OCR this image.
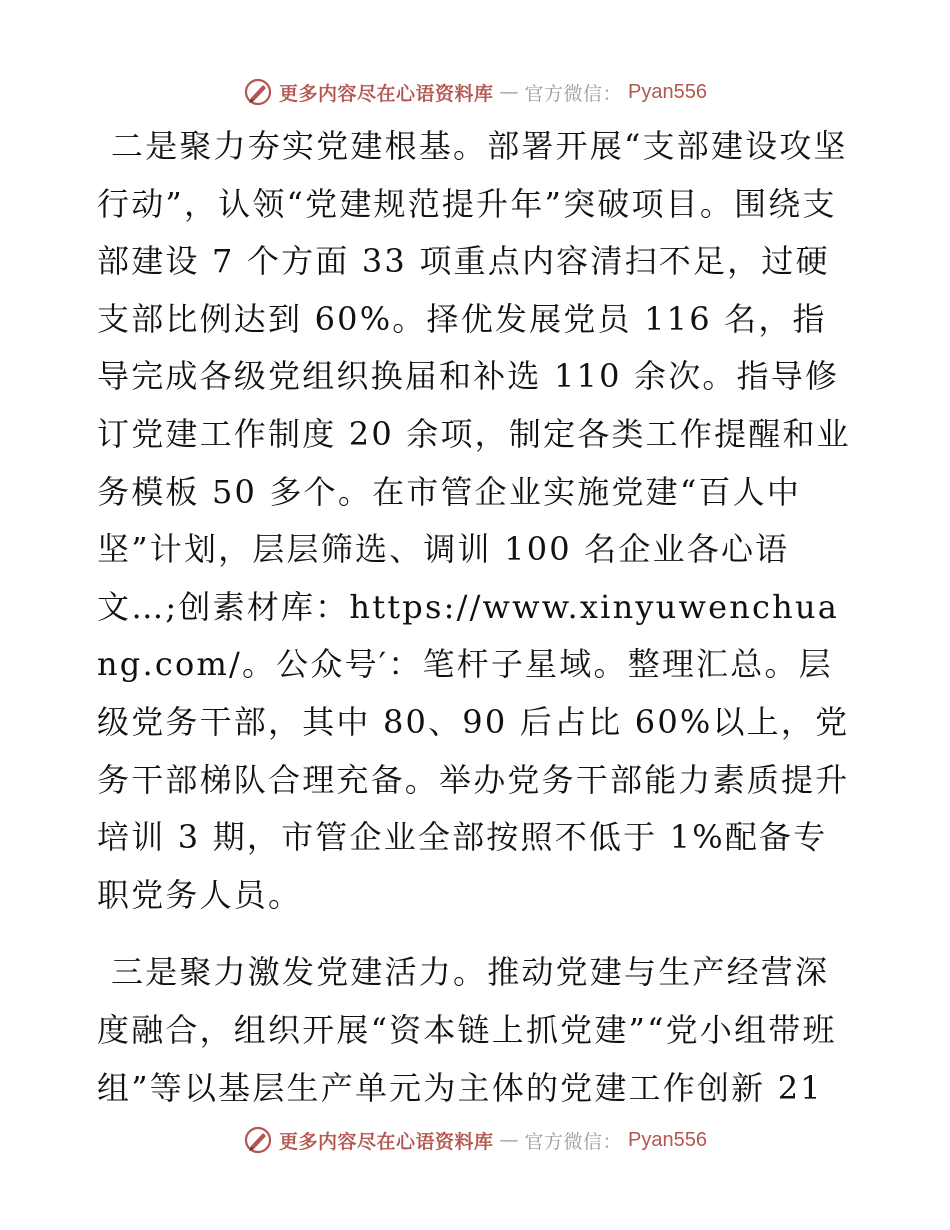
更多内容尽在心语资料库 — 官方微信： Pyan556

二是聚力夯实党建根基。部署开展“支部建设攻坚行动”，认领“党建规范提升年”突破项目。围绕支部建设 7 个方面 33 项重点内容清扫不足，过硬支部比例达到 60%。择优发展党员 116 名，指导完成各级党组织换届和补选 110 余次。指导修订党建工作制度 20 余项，制定各类工作提醒和业务模板 50 多个。在市管企业实施党建“百人中坚”计划，层层筛选、调训 100 名企业各心语文…;创素材库：https://www.xinyuwenchuang.com/。公众号′：笔杆子星域。整理汇总。层级党务干部，其中 80、90 后占比 60%以上，党务干部梯队合理充备。举办党务干部能力素质提升培训 3 期，市管企业全部按照不低于 1%配备专职党务人员。

三是聚力激发党建活力。推动党建与生产经营深度融合，组织开展“资本链上抓党建”“党小组带班组”等以基层生产单元为主体的党建工作创新 21

更多内容尽在心语资料库 — 官方微信： Pyan556
